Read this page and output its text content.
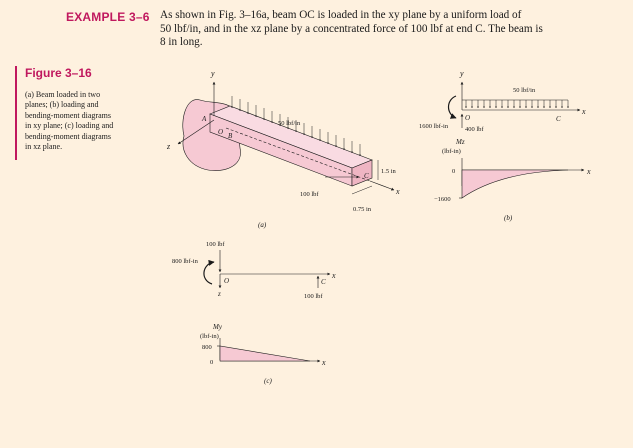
EXAMPLE 3–6 As shown in Fig. 3–16a, beam OC is loaded in the xy plane by a uniform load of
50 lbf/in, and in the xz plane by a concentrated force of 100 lbf at end C. The beam is
8 in long.
Figure 3–16
(a) Beam loaded in two
planes; (b) loading and
bending-moment diagrams
in xy plane; (c) loading and
bending-moment diagrams
in xz plane.
y
A
O B
z
50 lbf/in
C
x
100 lbf
1.5 in
0.75 in
(a)
y
50 lbf/in
x
O	C
1600 lbf-in	400 lbf
Mz
(lbf-in)
0
−1600
x
(b)
100 lbf
800 lbf-in
O	C
x
z	100 lbf
My
(lbf-in)
800
0	x
(c)
